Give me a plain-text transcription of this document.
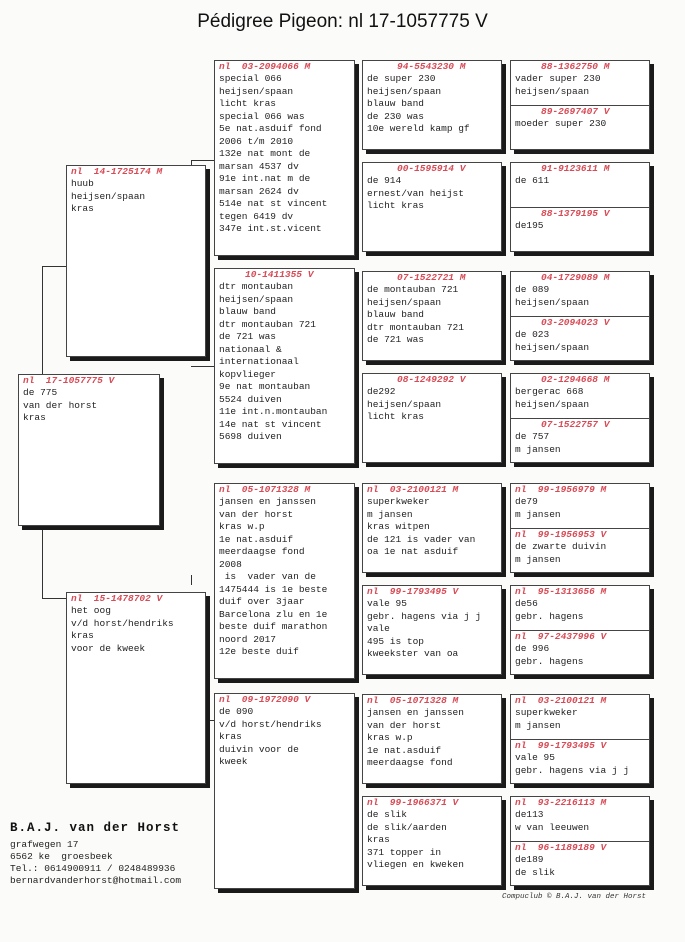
Pédigree Pigeon: nl 17-1057775 V
nl  17-1057775 V
de 775
van der horst
kras
nl  14-1725174 M
huub
heijsen/spaan
kras
nl  15-1478702 V
het oog
v/d horst/hendriks
kras
voor de kweek
nl  03-2094066 M
special 066
heijsen/spaan
licht kras
special 066 was
5e nat.asduif fond
2006 t/m 2010
132e nat mont de
marsan 4537 dv
91e int.nat m de
marsan 2624 dv
514e nat st vincent
tegen 6419 dv
347e int.st.vicent
10-1411355 V
dtr montauban
heijsen/spaan
blauw band
dtr montauban 721
de 721 was
nationaal &
internationaal
kopvlieger
9e nat montauban
5524 duiven
11e int.n.montauban
14e nat st vincent
5698 duiven
nl  05-1071328 M
jansen en janssen
van der horst
kras w.p
1e nat.asduif
meerdaagse fond
2008
is  vader van de
1475444 is 1e beste
duif over 3jaar
Barcelona zlu en 1e
beste duif marathon
noord 2017
12e beste duif
nl  09-1972090 V
de 090
v/d horst/hendriks
kras
duivin voor de
kweek
94-5543230 M
de super 230
heijsen/spaan
blauw band
de 230 was
10e wereld kamp gf
00-1595914 V
de 914
ernest/van heijst
licht kras
07-1522721 M
de montauban 721
heijsen/spaan
blauw band
dtr montauban 721
de 721 was
08-1249292 V
de292
heijsen/spaan
licht kras
nl  03-2100121 M
superkweker
m jansen
kras witpen
de 121 is vader van
oa 1e nat asduif
nl  99-1793495 V
vale 95
gebr. hagens via j j
vale
495 is top
kweekster van oa
nl  05-1071328 M
jansen en janssen
van der horst
kras w.p
1e nat.asduif
meerdaagse fond
nl  99-1966371 V
de slik
de slik/aarden
kras
371 topper in
vliegen en kweken
88-1362750 M
vader super 230
heijsen/spaan
89-2697407 V
moeder super 230
91-9123611 M
de 611
88-1379195 V
de195
04-1729089 M
de 089
heijsen/spaan
03-2094023 V
de 023
heijsen/spaan
02-1294668 M
bergerac 668
heijsen/spaan
07-1522757 V
de 757
m jansen
nl  99-1956979 M
de79
m jansen
nl  99-1956953 V
de zwarte duivin
m jansen
nl  95-1313656 M
de56
gebr. hagens
nl  97-2437996 V
de 996
gebr. hagens
nl  03-2100121 M
superkweker
m jansen
nl  99-1793495 V
vale 95
gebr. hagens via j j
nl  93-2216113 M
de113
w van leeuwen
nl  96-1189189 V
de189
de slik
B.A.J. van der Horst
grafwegen 17
6562 ke  groesbeek
Tel.: 0614900911 / 0248489936
bernardvanderhorst@hotmail.com
Compuclub © B.A.J. van der Horst
